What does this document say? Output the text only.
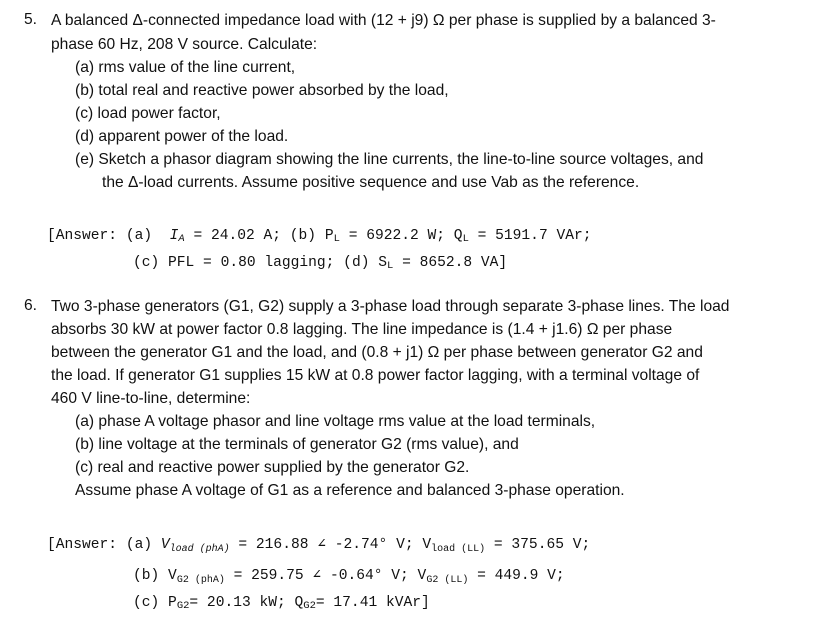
5. A balanced Δ-connected impedance load with (12 + j9) Ω per phase is supplied by a balanced 3-
phase 60 Hz, 208 V source. Calculate:
(a) rms value of the line current,
(b) total real and reactive power absorbed by the load,
(c) load power factor,
(d) apparent power of the load.
(e) Sketch a phasor diagram showing the line currents, the line-to-line source voltages, and
the Δ-load currents. Assume positive sequence and use Vab as the reference.
[Answer: (a) IA = 24.02 A; (b) PL = 6922.2 W; QL = 5191.7 VAr;
(c) PFL = 0.80 lagging; (d) SL = 8652.8 VA]
6. Two 3-phase generators (G1, G2) supply a 3-phase load through separate 3-phase lines. The load
absorbs 30 kW at power factor 0.8 lagging. The line impedance is (1.4 + j1.6) Ω per phase
between the generator G1 and the load, and (0.8 + j1) Ω per phase between generator G2 and
the load. If generator G1 supplies 15 kW at 0.8 power factor lagging, with a terminal voltage of
460 V line-to-line, determine:
(a) phase A voltage phasor and line voltage rms value at the load terminals,
(b) line voltage at the terminals of generator G2 (rms value), and
(c) real and reactive power supplied by the generator G2.
Assume phase A voltage of G1 as a reference and balanced 3-phase operation.
[Answer: (a) $V_{load (phA)} = 216.88$ ∠ -2.74° V; $V_{load (LL)} = 375.65$ V;
(b) $V_{G2 (phA)} = 259.75$ ∠ -0.64° V; $V_{G2 (LL)} = 449.9$ V;
(c) PG2= 20.13 kW; QG2= 17.41 kVAr]
